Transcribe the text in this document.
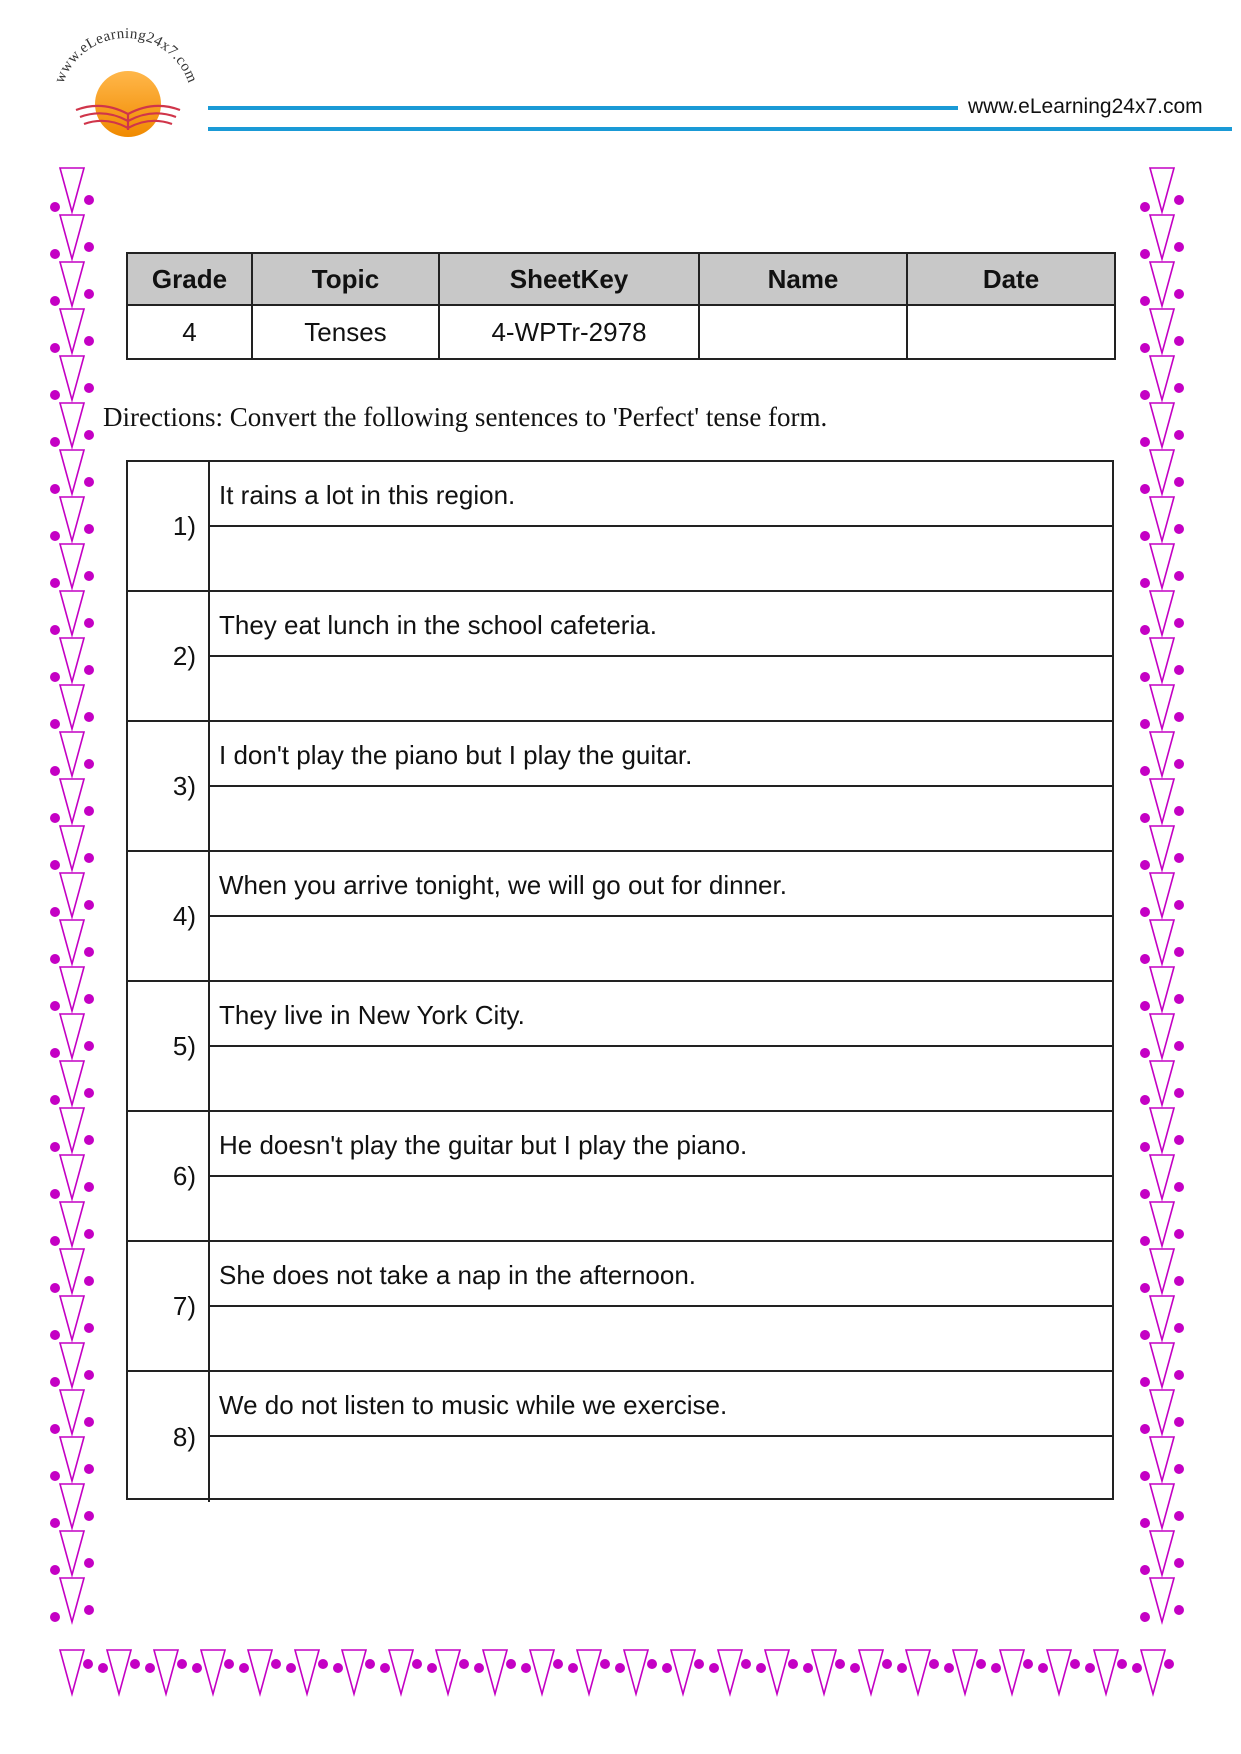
www.eLearning24x7.com
www.eLearning24x7.com
Grade	Topic	SheetKey	Name	Date
4	Tenses	4-WPTr-2978		
Directions: Convert the following sentences to 'Perfect' tense form.
1)
It rains a lot in this region.
2)
They eat lunch in the school cafeteria.
3)
I don't play the piano but I play the guitar.
4)
When you arrive tonight, we will go out for dinner.
5)
They live in New York City.
6)
He doesn't play the guitar but I play the piano.
7)
She does not take a nap in the afternoon.
8)
We do not listen to music while we exercise.
